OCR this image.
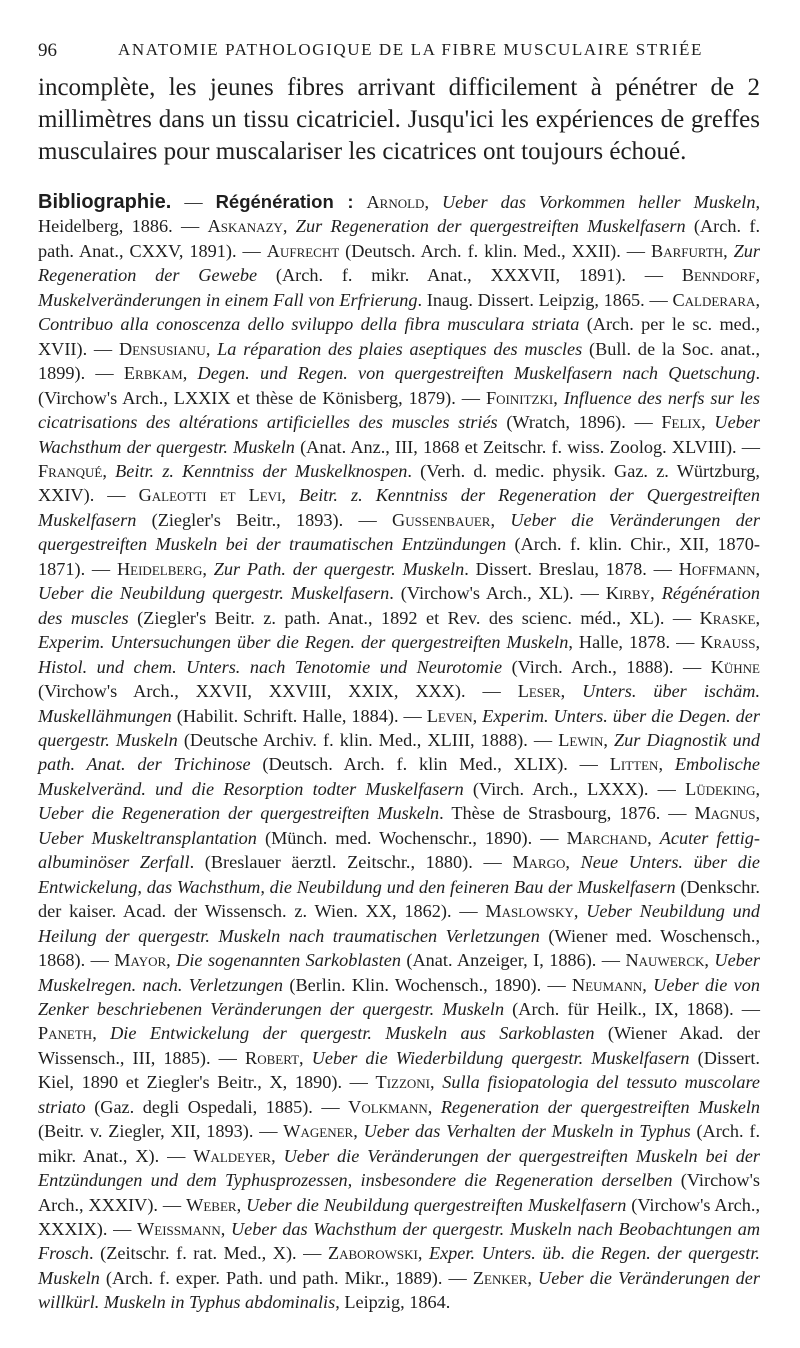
96	ANATOMIE PATHOLOGIQUE DE LA FIBRE MUSCULAIRE STRIÉE

incomplète, les jeunes fibres arrivant difficilement à pénétrer de 2 millimètres dans un tissu cicatriciel. Jusqu'ici les expériences de greffes musculaires pour muscalariser les cicatrices ont toujours échoué.

Bibliographie. — Régénération : Arnold, Ueber das Vorkommen heller Muskeln, Heidelberg, 1886. — Askanazy, Zur Regeneration der quergestreiften Muskelfasern (Arch. f. path. Anat., CXXV, 1891). — Aufrecht (Deutsch. Arch. f. klin. Med., XXII). — Barfurth, Zur Regeneration der Gewebe (Arch. f. mikr. Anat., XXXVII, 1891). — Benndorf, Muskelveränderungen in einem Fall von Erfrierung. Inaug. Dissert. Leipzig, 1865. — Calderara, Contribuo alla conoscenza dello sviluppo della fibra musculara striata (Arch. per le sc. med., XVII). — Densusianu, La réparation des plaies aseptiques des muscles (Bull. de la Soc. anat., 1899). — Erbkam, Degen. und Regen. von quergestreiften Muskelfasern nach Quetschung. (Virchow's Arch., LXXIX et thèse de Könisberg, 1879). — Foinitzki, Influence des nerfs sur les cicatrisations des altérations artificielles des muscles striés (Wratch, 1896). — Felix, Ueber Wachsthum der quergestr. Muskeln (Anat. Anz., III, 1868 et Zeitschr. f. wiss. Zoolog. XLVIII). — Franqué, Beitr. z. Kenntniss der Muskelknospen. (Verh. d. medic. physik. Gaz. z. Würtzburg, XXIV). — Galeotti et Levi, Beitr. z. Kenntniss der Regeneration der Quergestreiften Muskelfasern (Ziegler's Beitr., 1893). — Gussenbauer, Ueber die Veränderungen der quergestreiften Muskeln bei der traumatischen Entzündungen (Arch. f. klin. Chir., XII, 1870-1871). — Heidelberg, Zur Path. der quergestr. Muskeln. Dissert. Breslau, 1878. — Hoffmann, Ueber die Neubildung quergestr. Muskelfasern. (Virchow's Arch., XL). — Kirby, Régénération des muscles (Ziegler's Beitr. z. path. Anat., 1892 et Rev. des scienc. méd., XL). — Kraske, Experim. Untersuchungen über die Regen. der quergestreiften Muskeln, Halle, 1878. — Krauss, Histol. und chem. Unters. nach Tenotomie und Neurotomie (Virch. Arch., 1888). — Kühne (Virchow's Arch., XXVII, XXVIII, XXIX, XXX). — Leser, Unters. über ischäm. Muskellähmungen (Habilit. Schrift. Halle, 1884). — Leven, Experim. Unters. über die Degen. der quergestr. Muskeln (Deutsche Archiv. f. klin. Med., XLIII, 1888). — Lewin, Zur Diagnostik und path. Anat. der Trichinose (Deutsch. Arch. f. klin Med., XLIX). — Litten, Embolische Muskelveränd. und die Resorption todter Muskelfasern (Virch. Arch., LXXX). — Lüdeking, Ueber die Regeneration der quergestreiften Muskeln. Thèse de Strasbourg, 1876. — Magnus, Ueber Muskeltransplantation (Münch. med. Wochenschr., 1890). — Marchand, Acuter fettig-albuminöser Zerfall. (Breslauer äerztl. Zeitschr., 1880). — Margo, Neue Unters. über die Entwickelung, das Wachsthum, die Neubildung und den feineren Bau der Muskelfasern (Denkschr. der kaiser. Acad. der Wissensch. z. Wien. XX, 1862). — Maslowsky, Ueber Neubildung und Heilung der quergestr. Muskeln nach traumatischen Verletzungen (Wiener med. Woschensch., 1868). — Mayor, Die sogenannten Sarkoblasten (Anat. Anzeiger, I, 1886). — Nauwerck, Ueber Muskelregen. nach. Verletzungen (Berlin. Klin. Wochensch., 1890). — Neumann, Ueber die von Zenker beschriebenen Veränderungen der quergestr. Muskeln (Arch. für Heilk., IX, 1868). — Paneth, Die Entwickelung der quergestr. Muskeln aus Sarkoblasten (Wiener Akad. der Wissensch., III, 1885). — Robert, Ueber die Wiederbildung quergestr. Muskelfasern (Dissert. Kiel, 1890 et Ziegler's Beitr., X, 1890). — Tizzoni, Sulla fisiopatologia del tessuto muscolare striato (Gaz. degli Ospedali, 1885). — Volkmann, Regeneration der quergestreiften Muskeln (Beitr. v. Ziegler, XII, 1893). — Wagener, Ueber das Verhalten der Muskeln in Typhus (Arch. f. mikr. Anat., X). — Waldeyer, Ueber die Veränderungen der quergestreiften Muskeln bei der Entzündungen und dem Typhusprozessen, insbesondere die Regeneration derselben (Virchow's Arch., XXXIV). — Weber, Ueber die Neubildung quergestreiften Muskelfasern (Virchow's Arch., XXXIX). — Weissmann, Ueber das Wachsthum der quergestr. Muskeln nach Beobachtungen am Frosch. (Zeitschr. f. rat. Med., X). — Zaborowski, Exper. Unters. üb. die Regen. der quergestr. Muskeln (Arch. f. exper. Path. und path. Mikr., 1889). — Zenker, Ueber die Veränderungen der willkürl. Muskeln in Typhus abdominalis, Leipzig, 1864.
